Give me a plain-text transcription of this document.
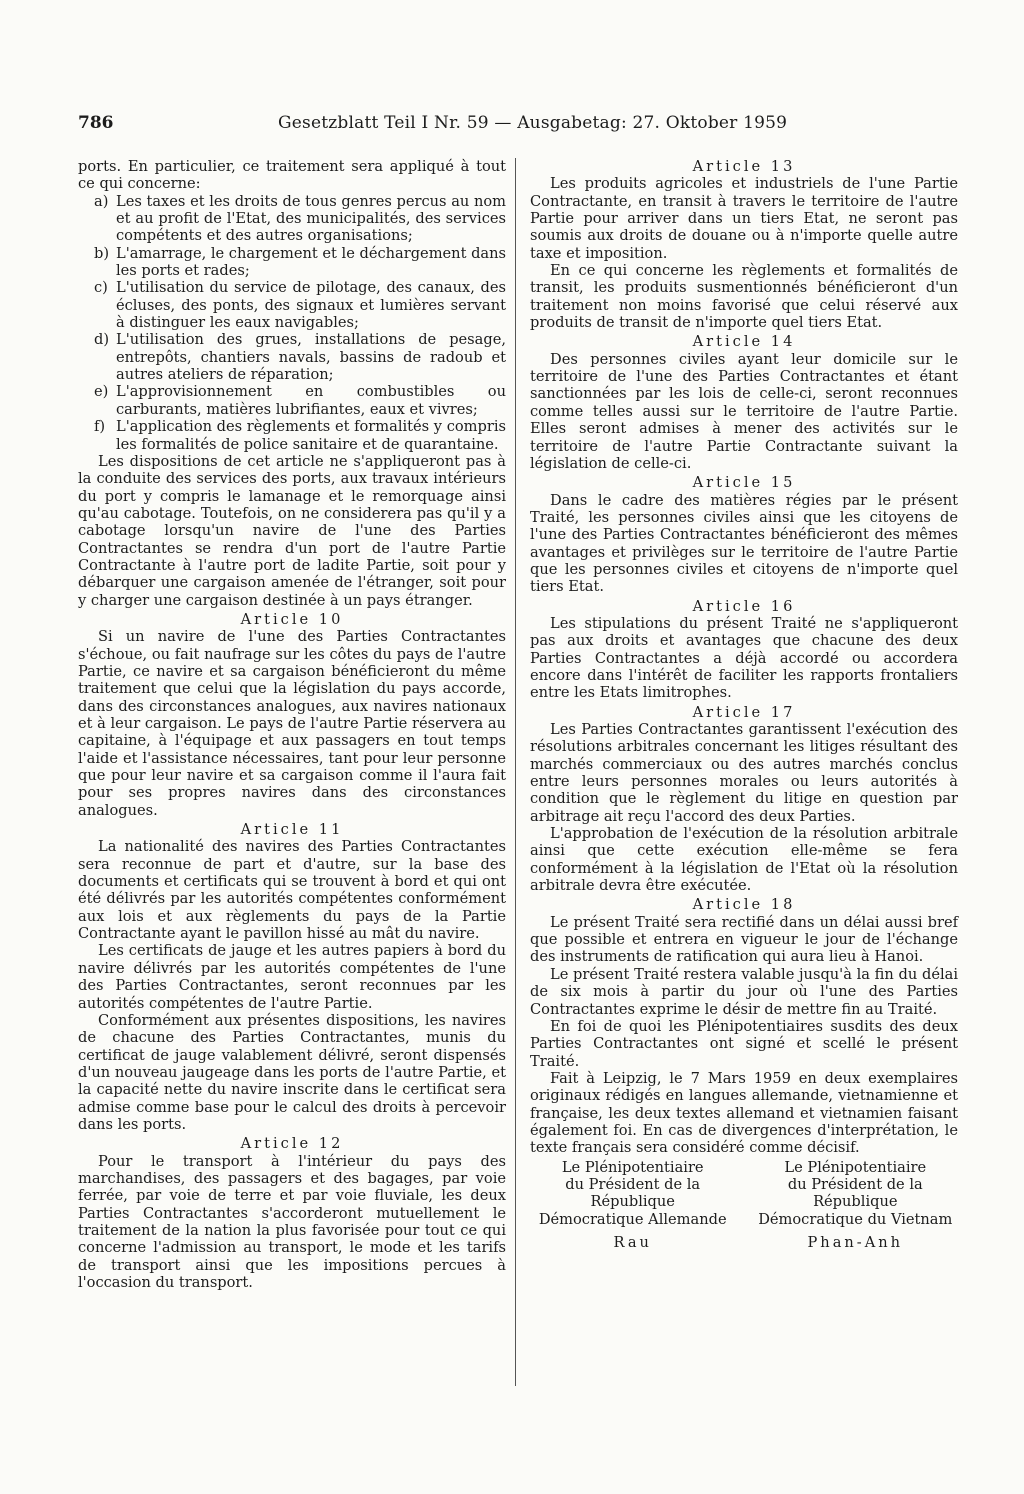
786	Gesetzblatt Teil I Nr. 59 — Ausgabetag: 27. Oktober 1959

ports. En particulier, ce traitement sera appliqué à tout ce qui concerne:

a) Les taxes et les droits de tous genres percus au nom et au profit de l'Etat, des municipalités, des services compétents et des autres organisations;
b) L'amarrage, le chargement et le déchargement dans les ports et rades;
c) L'utilisation du service de pilotage, des canaux, des écluses, des ponts, des signaux et lumières servant à distinguer les eaux navigables;
d) L'utilisation des grues, installations de pesage, entrepôts, chantiers navals, bassins de radoub et autres ateliers de réparation;
e) L'approvisionnement en combustibles ou carburants, matières lubrifiantes, eaux et vivres;
f) L'application des règlements et formalités y compris les formalités de police sanitaire et de quarantaine.

Les dispositions de cet article ne s'appliqueront pas à la conduite des services des ports, aux travaux intérieurs du port y compris le lamanage et le remorquage ainsi qu'au cabotage. Toutefois, on ne considerera pas qu'il y a cabotage lorsqu'un navire de l'une des Parties Contractantes se rendra d'un port de l'autre Partie Contractante à l'autre port de ladite Partie, soit pour y débarquer une cargaison amenée de l'étranger, soit pour y charger une cargaison destinée à un pays étranger.

Article 10

Si un navire de l'une des Parties Contractantes s'échoue, ou fait naufrage sur les côtes du pays de l'autre Partie, ce navire et sa cargaison bénéficieront du même traitement que celui que la législation du pays accorde, dans des circonstances analogues, aux navires nationaux et à leur cargaison. Le pays de l'autre Partie réservera au capitaine, à l'équipage et aux passagers en tout temps l'aide et l'assistance nécessaires, tant pour leur personne que pour leur navire et sa cargaison comme il l'aura fait pour ses propres navires dans des circonstances analogues.

Article 11

La nationalité des navires des Parties Contractantes sera reconnue de part et d'autre, sur la base des documents et certificats qui se trouvent à bord et qui ont été délivrés par les autorités compétentes conformément aux lois et aux règlements du pays de la Partie Contractante ayant le pavillon hissé au mât du navire.

Les certificats de jauge et les autres papiers à bord du navire délivrés par les autorités compétentes de l'une des Parties Contractantes, seront reconnues par les autorités compétentes de l'autre Partie.

Conformément aux présentes dispositions, les navires de chacune des Parties Contractantes, munis du certificat de jauge valablement délivré, seront dispensés d'un nouveau jaugeage dans les ports de l'autre Partie, et la capacité nette du navire inscrite dans le certificat sera admise comme base pour le calcul des droits à percevoir dans les ports.

Article 12

Pour le transport à l'intérieur du pays des marchandises, des passagers et des bagages, par voie ferrée, par voie de terre et par voie fluviale, les deux Parties Contractantes s'accorderont mutuellement le traitement de la nation la plus favorisée pour tout ce qui concerne l'admission au transport, le mode et les tarifs de transport ainsi que les impositions percues à l'occasion du transport.

Article 13

Les produits agricoles et industriels de l'une Partie Contractante, en transit à travers le territoire de l'autre Partie pour arriver dans un tiers Etat, ne seront pas soumis aux droits de douane ou à n'importe quelle autre taxe et imposition.

En ce qui concerne les règlements et formalités de transit, les produits susmentionnés bénéficieront d'un traitement non moins favorisé que celui réservé aux produits de transit de n'importe quel tiers Etat.

Article 14

Des personnes civiles ayant leur domicile sur le territoire de l'une des Parties Contractantes et étant sanctionnées par les lois de celle-ci, seront reconnues comme telles aussi sur le territoire de l'autre Partie. Elles seront admises à mener des activités sur le territoire de l'autre Partie Contractante suivant la législation de celle-ci.

Article 15

Dans le cadre des matières régies par le présent Traité, les personnes civiles ainsi que les citoyens de l'une des Parties Contractantes bénéficieront des mêmes avantages et privilèges sur le territoire de l'autre Partie que les personnes civiles et citoyens de n'importe quel tiers Etat.

Article 16

Les stipulations du présent Traité ne s'appliqueront pas aux droits et avantages que chacune des deux Parties Contractantes a déjà accordé ou accordera encore dans l'intérêt de faciliter les rapports frontaliers entre les Etats limitrophes.

Article 17

Les Parties Contractantes garantissent l'exécution des résolutions arbitrales concernant les litiges résultant des marchés commerciaux ou des autres marchés conclus entre leurs personnes morales ou leurs autorités à condition que le règlement du litige en question par arbitrage ait reçu l'accord des deux Parties.

L'approbation de l'exécution de la résolution arbitrale ainsi que cette exécution elle-même se fera conformément à la législation de l'Etat où la résolution arbitrale devra être exécutée.

Article 18

Le présent Traité sera rectifié dans un délai aussi bref que possible et entrera en vigueur le jour de l'échange des instruments de ratification qui aura lieu à Hanoi.

Le présent Traité restera valable jusqu'à la fin du délai de six mois à partir du jour où l'une des Parties Contractantes exprime le désir de mettre fin au Traité.

En foi de quoi les Plénipotentiaires susdits des deux Parties Contractantes ont signé et scellé le présent Traité.

Fait à Leipzig, le 7 Mars 1959 en deux exemplaires originaux rédigés en langues allemande, vietnamienne et française, les deux textes allemand et vietnamien faisant également foi. En cas de divergences d'interprétation, le texte français sera considéré comme décisif.

Le Plénipotentiaire
du Président de la République
Démocratique Allemande
Rau
Le Plénipotentiaire
du Président de la République
Démocratique du Vietnam
Phan-Anh
